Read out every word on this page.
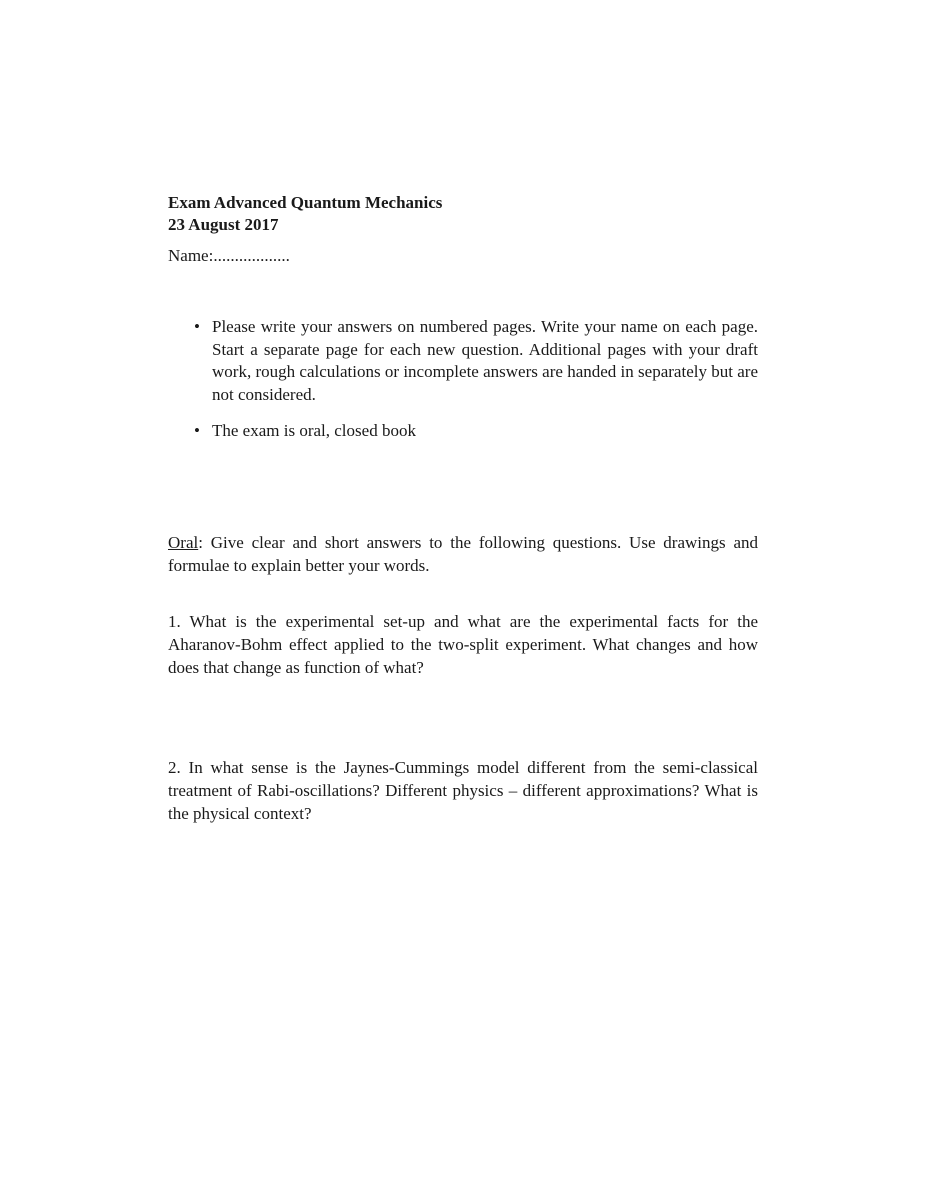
Exam Advanced Quantum Mechanics
23 August 2017
Name:..................
• Please write your answers on numbered pages. Write your name on each page. Start a separate page for each new question. Additional pages with your draft work, rough calculations or incomplete answers are handed in separately but are not considered.
• The exam is oral, closed book

Oral: Give clear and short answers to the following questions. Use drawings and formulae to explain better your words.

1. What is the experimental set-up and what are the experimental facts for the Aharanov-Bohm effect applied to the two-split experiment. What changes and how does that change as function of what?

2. In what sense is the Jaynes-Cummings model different from the semi-classical treatment of Rabi-oscillations? Different physics – different approximations? What is the physical context?
